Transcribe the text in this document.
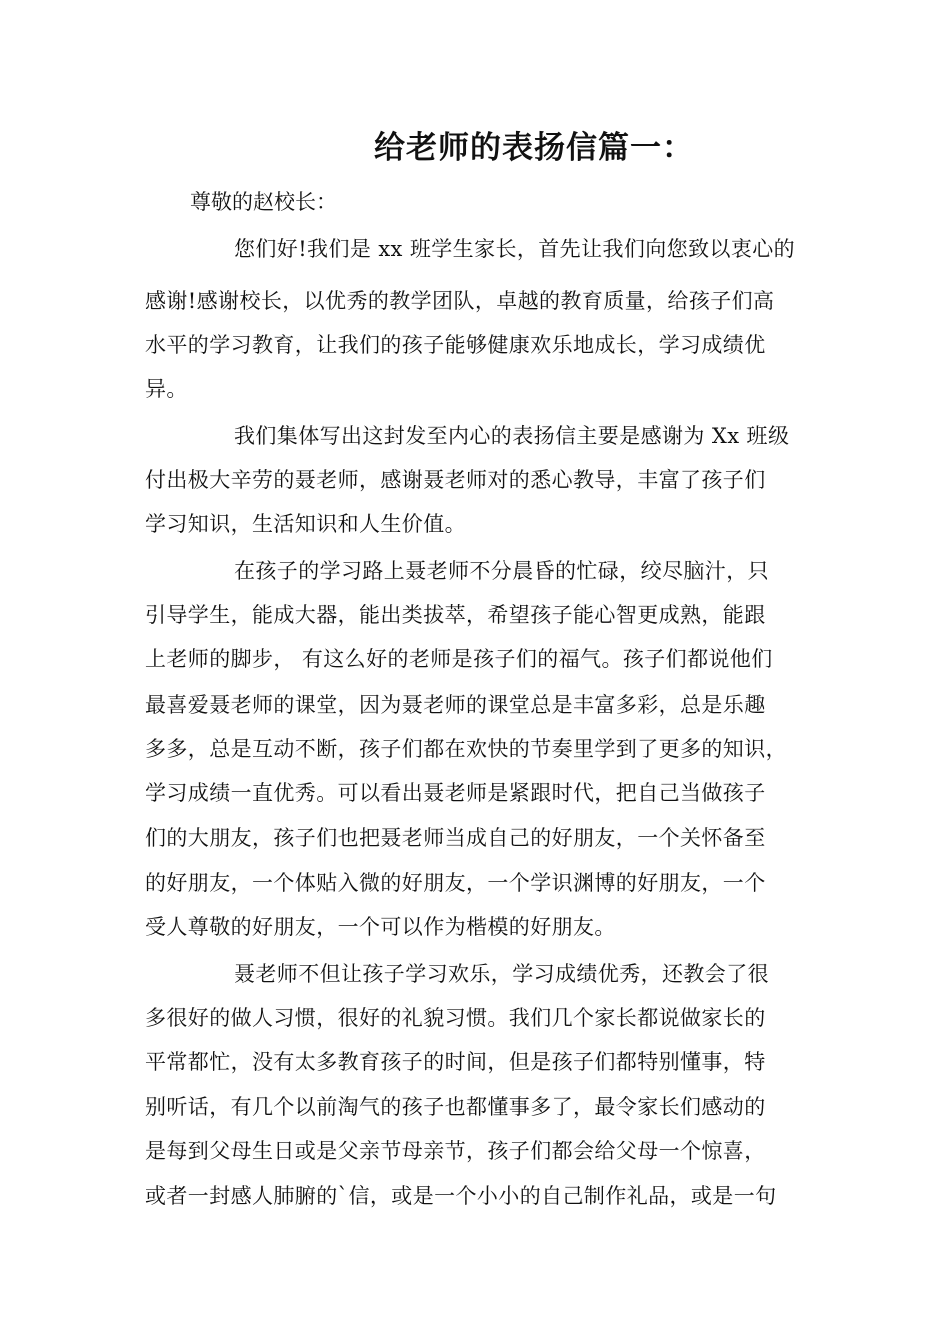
给老师的表扬信篇一：
尊敬的赵校长：
您们好!我们是 xx 班学生家长，首先让我们向您致以衷心的
感谢!感谢校长，以优秀的教学团队，卓越的教育质量，给孩子们高
水平的学习教育，让我们的孩子能够健康欢乐地成长，学习成绩优
异。
我们集体写出这封发至内心的表扬信主要是感谢为 Xx 班级
付出极大辛劳的聂老师，感谢聂老师对的悉心教导，丰富了孩子们
学习知识，生活知识和人生价值。
在孩子的学习路上聂老师不分晨昏的忙碌，绞尽脑汁，只
引导学生，能成大器，能出类拔萃，希望孩子能心智更成熟，能跟
上老师的脚步， 有这么好的老师是孩子们的福气。孩子们都说他们
最喜爱聂老师的课堂，因为聂老师的课堂总是丰富多彩，总是乐趣
多多，总是互动不断，孩子们都在欢快的节奏里学到了更多的知识，
学习成绩一直优秀。可以看出聂老师是紧跟时代，把自己当做孩子
们的大朋友，孩子们也把聂老师当成自己的好朋友，一个关怀备至
的好朋友，一个体贴入微的好朋友，一个学识渊博的好朋友，一个
受人尊敬的好朋友，一个可以作为楷模的好朋友。
聂老师不但让孩子学习欢乐，学习成绩优秀，还教会了很
多很好的做人习惯，很好的礼貌习惯。我们几个家长都说做家长的
平常都忙，没有太多教育孩子的时间，但是孩子们都特别懂事，特
别听话，有几个以前淘气的孩子也都懂事多了，最令家长们感动的
是每到父母生日或是父亲节母亲节，孩子们都会给父母一个惊喜，
或者一封感人肺腑的`信，或是一个小小的自己制作礼品，或是一句
